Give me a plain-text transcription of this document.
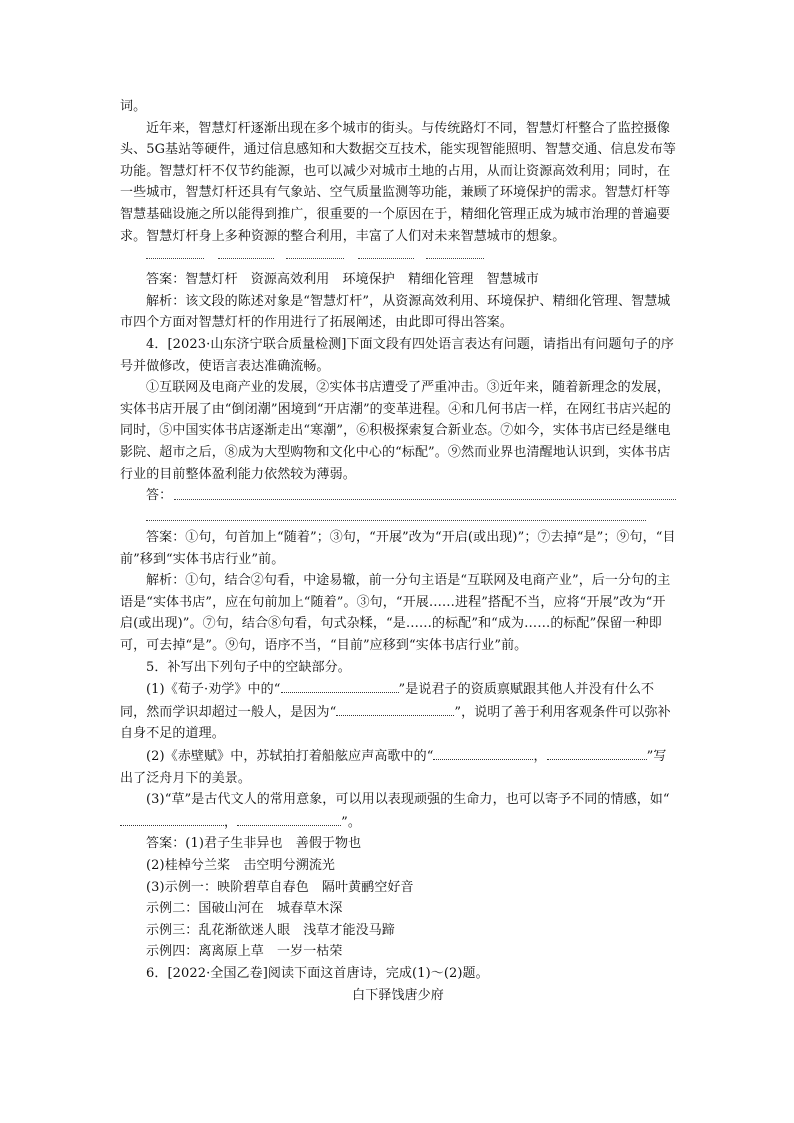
词。

近年来，智慧灯杆逐渐出现在多个城市的街头。与传统路灯不同，智慧灯杆整合了监控摄像头、5G基站等硬件，通过信息感知和大数据交互技术，能实现智能照明、智慧交通、信息发布等功能。智慧灯杆不仅节约能源，也可以减少对城市土地的占用，从而让资源高效利用；同时，在一些城市，智慧灯杆还具有气象站、空气质量监测等功能，兼顾了环境保护的需求。智慧灯杆等智慧基础设施之所以能得到推广，很重要的一个原因在于，精细化管理正成为城市治理的普遍要求。智慧灯杆身上多种资源的整合利用，丰富了人们对未来智慧城市的想象。

答案：智慧灯杆　资源高效利用　环境保护　精细化管理　智慧城市

解析：该文段的陈述对象是“智慧灯杆”，从资源高效利用、环境保护、精细化管理、智慧城市四个方面对智慧灯杆的作用进行了拓展阐述，由此即可得出答案。

4．[2023·山东济宁联合质量检测]下面文段有四处语言表达有问题，请指出有问题句子的序号并做修改，使语言表达准确流畅。

①互联网及电商产业的发展，②实体书店遭受了严重冲击。③近年来，随着新理念的发展，实体书店开展了由“倒闭潮”困境到“开店潮”的变革进程。④和几何书店一样，在网红书店兴起的同时，⑤中国实体书店逐渐走出“寒潮”，⑥积极探索复合新业态。⑦如今，实体书店已经是继电影院、超市之后，⑧成为大型购物和文化中心的“标配”。⑨然而业界也清醒地认识到，实体书店行业的目前整体盈利能力依然较为薄弱。

答：

答案：①句，句首加上“随着”；③句，“开展”改为“开启(或出现)”；⑦去掉“是”；⑨句，“目前”移到“实体书店行业”前。

解析：①句，结合②句看，中途易辙，前一分句主语是“互联网及电商产业”，后一分句的主语是“实体书店”，应在句前加上“随着”。③句，“开展……进程”搭配不当，应将“开展”改为“开启(或出现)”。⑦句，结合⑧句看，句式杂糅，“是……的标配”和“成为……的标配”保留一种即可，可去掉“是”。⑨句，语序不当，“目前”应移到“实体书店行业”前。

5．补写出下列句子中的空缺部分。

(1)《荀子·劝学》中的“	”是说君子的资质禀赋跟其他人并没有什么不同，然而学识却超过一般人，是因为“	”，说明了善于利用客观条件可以弥补自身不足的道理。

(2)《赤壁赋》中，苏轼拍打着船舷应声高歌中的“	，	”写出了泛舟月下的美景。

(3)“草”是古代文人的常用意象，可以用以表现顽强的生命力，也可以寄予不同的情感，如“，	”。

答案：(1)君子生非异也　善假于物也

(2)桂棹兮兰桨　击空明兮溯流光

(3)示例一：映阶碧草自春色　隔叶黄鹂空好音

示例二：国破山河在　城春草木深

示例三：乱花渐欲迷人眼　浅草才能没马蹄

示例四：离离原上草　一岁一枯荣

6．[2022·全国乙卷]阅读下面这首唐诗，完成(1)～(2)题。

白下驿饯唐少府
